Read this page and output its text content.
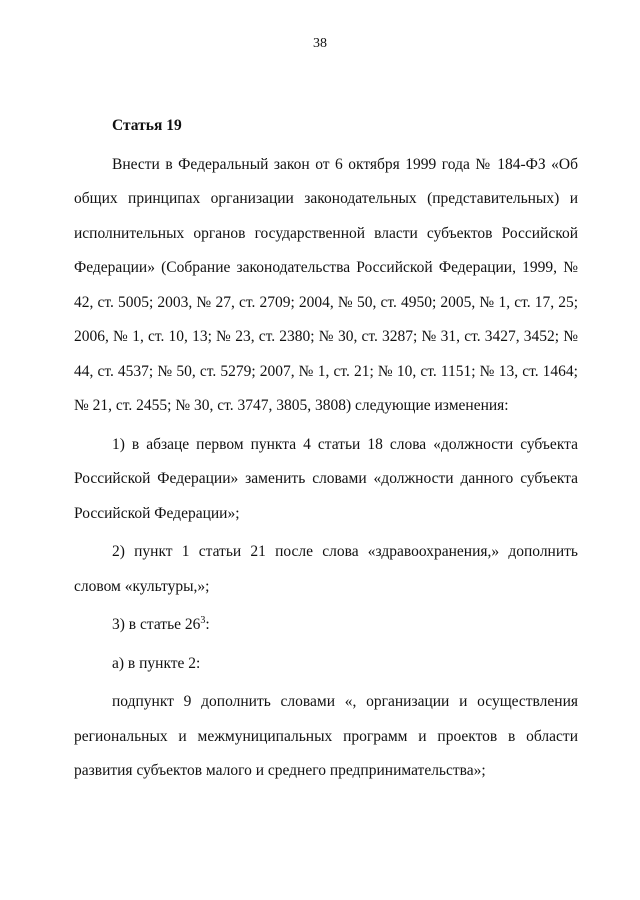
38

Статья 19

Внести в Федеральный закон от 6 октября 1999 года № 184-ФЗ «Об общих принципах организации законодательных (представительных) и исполнительных органов государственной власти субъектов Российской Федерации» (Собрание законодательства Российской Федерации, 1999, № 42, ст. 5005; 2003, № 27, ст. 2709; 2004, № 50, ст. 4950; 2005, № 1, ст. 17, 25; 2006, № 1, ст. 10, 13; № 23, ст. 2380; № 30, ст. 3287; № 31, ст. 3427, 3452; № 44, ст. 4537; № 50, ст. 5279; 2007, № 1, ст. 21; № 10, ст. 1151; № 13, ст. 1464; № 21, ст. 2455; № 30, ст. 3747, 3805, 3808) следующие изменения:

1) в абзаце первом пункта 4 статьи 18 слова «должности субъекта Российской Федерации» заменить словами «должности данного субъекта Российской Федерации»;

2) пункт 1 статьи 21 после слова «здравоохранения,» дополнить словом «культуры,»;

3) в статье $26^3$:

а) в пункте 2:

подпункт 9 дополнить словами «, организации и осуществления региональных и межмуниципальных программ и проектов в области развития субъектов малого и среднего предпринимательства»;
